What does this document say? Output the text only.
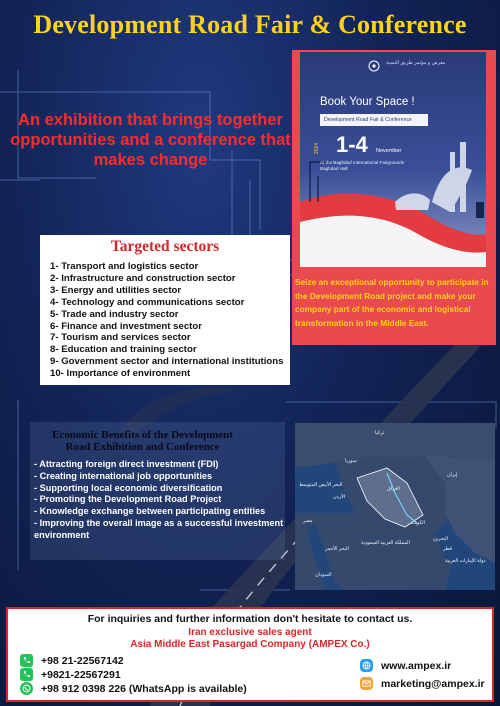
Development Road Fair & Conference

An exhibition that brings together opportunities and a conference that makes change

2024
معرض و مؤتمر طريق التنمية
Book Your Space !
Development Road Fair & Conference
1-4 November
At the Baghdad International Fairgrounds Baghdad Hall

Seize an exceptional opportunity to participate in the Development Road project and make your company part of the economic and logistical transformation in the Middle East.

Targeted sectors
1- Transport and logistics sector
2- Infrastructure and construction sector
3- Energy and utilities sector
4- Technology and communications sector
5- Trade and industry sector
6- Finance and investment sector
7- Tourism and services sector
8- Education and training sector
9- Government sector and international institutions
10- Importance of environment
Economic Benefits of the Development
Road Exhibition and Conference
- Attracting foreign direct investment (FDI)
- Creating international job opportunities
- Supporting local economic diversification
- Promoting the Development Road Project
- Knowledge exchange between participating entities
- Improving the overall image as a successful investment environment
تركيا
سوريا
العراق
إيران
البحر الأبيض المتوسط
الأردن
الكويت
المملكة العربية السعودية
البحرين
قطر
دولة الإمارات العربية
مصر
السودان
البحر الأحمر
For inquiries and further information don't hesitate to contact us.
Iran exclusive sales agent
Asia Middle East Pasargad Company (AMPEX Co.)
+98 21-22567142
+9821-22567291
+98 912 0398 226 (WhatsApp is available)
www.ampex.ir
marketing@ampex.ir
